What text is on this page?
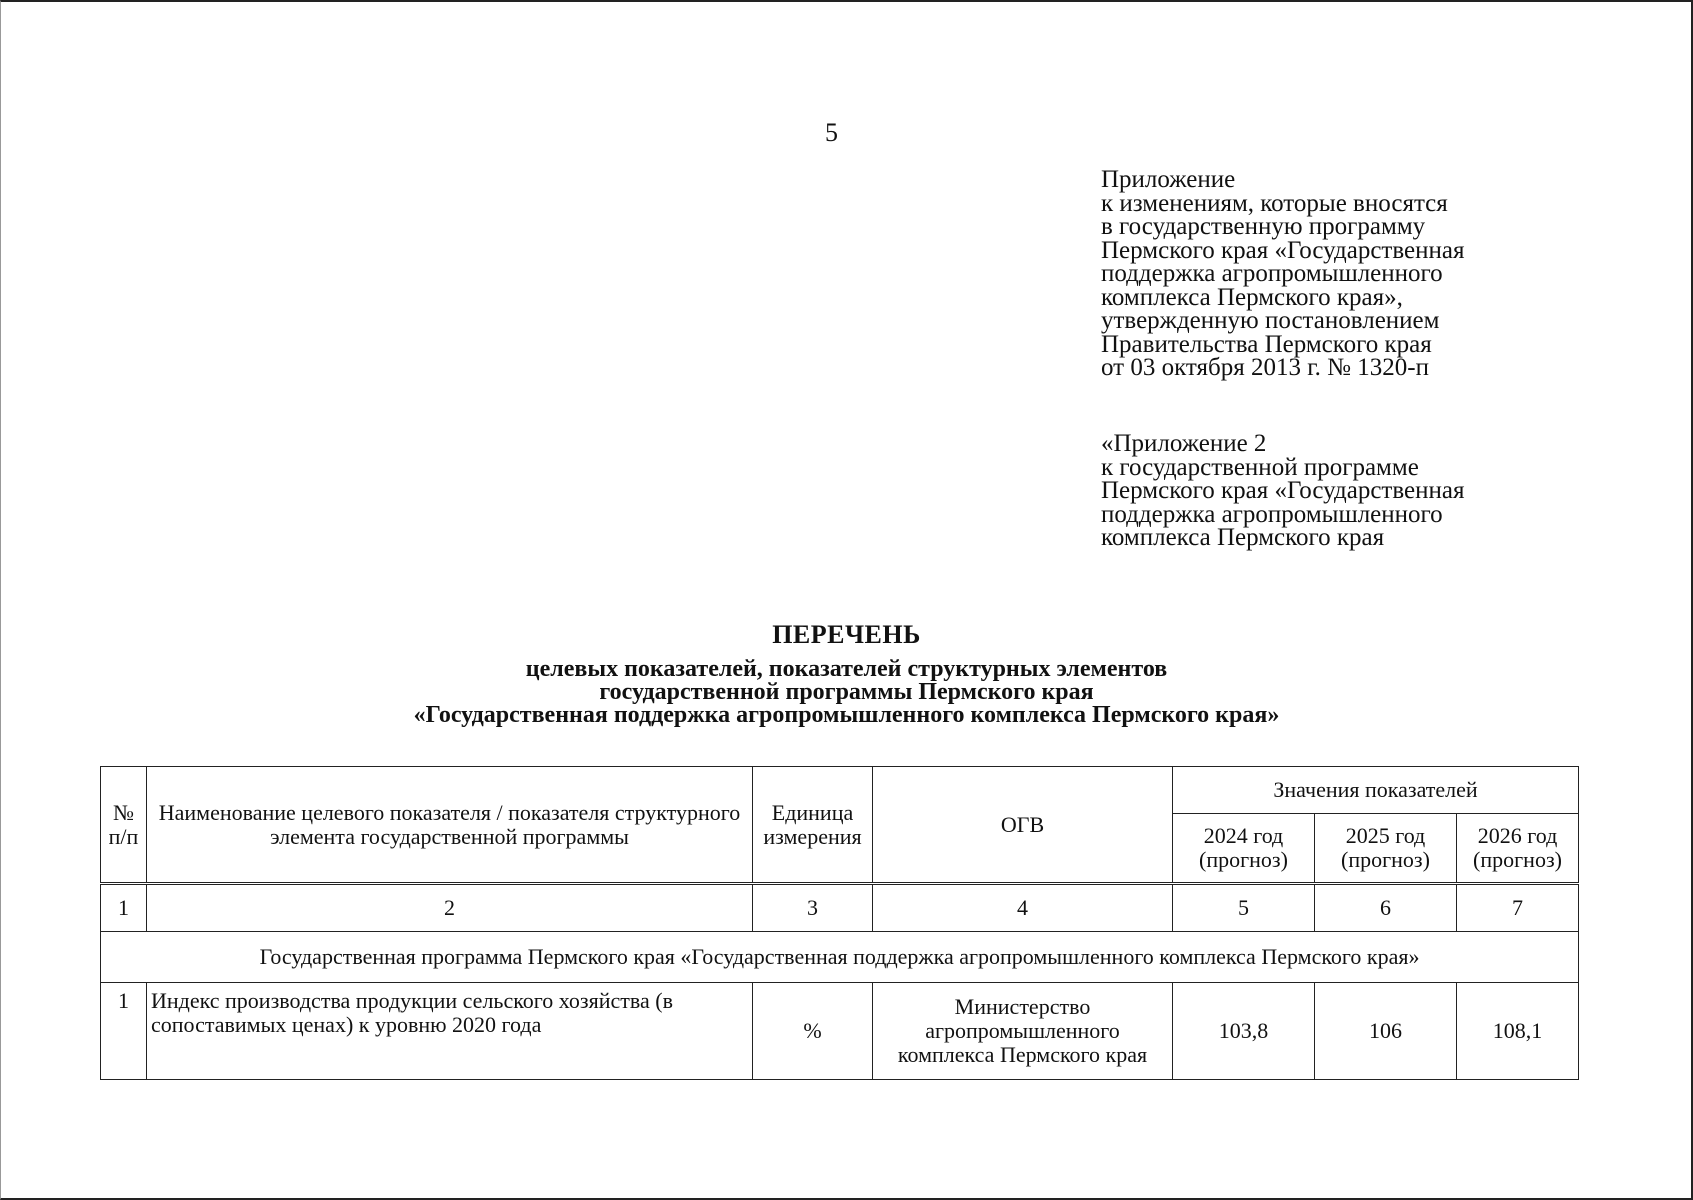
5
Приложение
к изменениям, которые вносятся
в государственную программу
Пермского края «Государственная
поддержка агропромышленного
комплекса Пермского края»,
утвержденную постановлением
Правительства Пермского края
от 03 октября 2013 г. № 1320-п
«Приложение 2
к государственной программе
Пермского края «Государственная
поддержка агропромышленного
комплекса Пермского края
ПЕРЕЧЕНЬ
целевых показателей, показателей структурных элементов
государственной программы Пермского края
«Государственная поддержка агропромышленного комплекса Пермского края»
№ п/п	Наименование целевого показателя / показателя структурного элемента государственной программы	Единица измерения	ОГВ	Значения показателей		
				2024 год (прогноз)	2025 год (прогноз)	2026 год (прогноз)
1	2	3	4	5	6	7
Государственная программа Пермского края «Государственная поддержка агропромышленного комплекса Пермского края»						
1	Индекс производства продукции сельского хозяйства (в сопоставимых ценах) к уровню 2020 года	%	Министерство агропромышленного комплекса Пермского края	103,8	106	108,1
